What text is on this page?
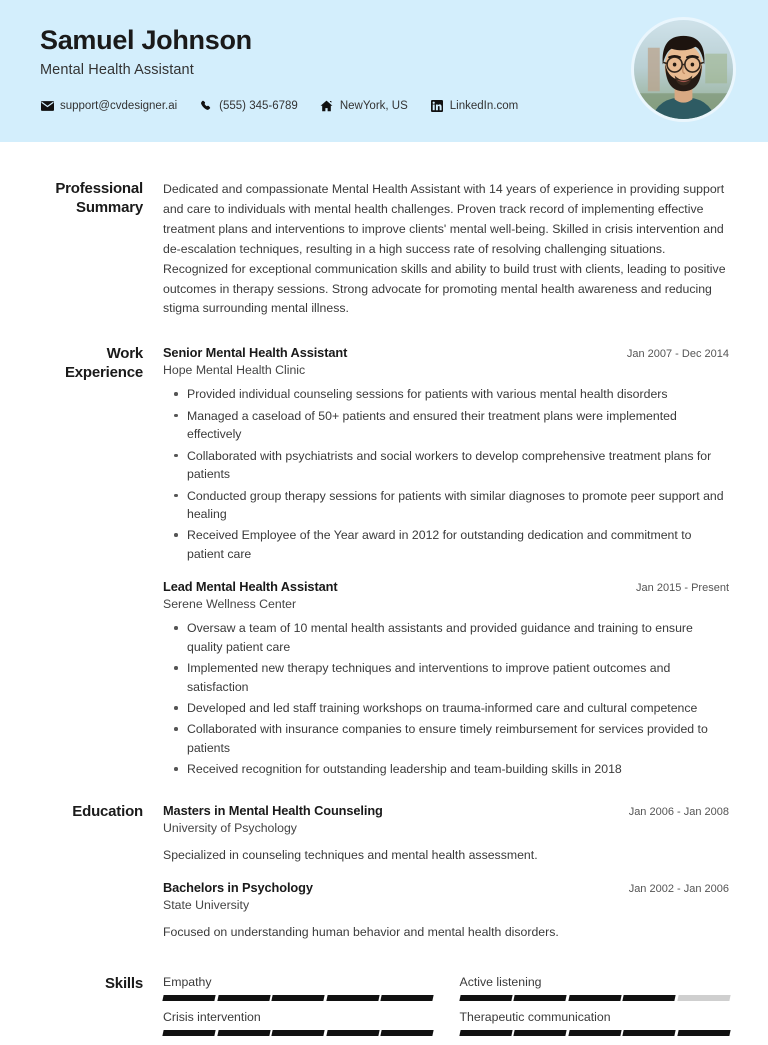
Samuel Johnson
Mental Health Assistant
support@cvdesigner.ai	(555) 345-6789	NewYork, US	LinkedIn.com
Professional Summary
Dedicated and compassionate Mental Health Assistant with 14 years of experience in providing support and care to individuals with mental health challenges. Proven track record of implementing effective treatment plans and interventions to improve clients' mental well-being. Skilled in crisis intervention and de-escalation techniques, resulting in a high success rate of resolving challenging situations. Recognized for exceptional communication skills and ability to build trust with clients, leading to positive outcomes in therapy sessions. Strong advocate for promoting mental health awareness and reducing stigma surrounding mental illness.
Work Experience
Senior Mental Health Assistant	Jan 2007 - Dec 2014
Hope Mental Health Clinic
Provided individual counseling sessions for patients with various mental health disorders
Managed a caseload of 50+ patients and ensured their treatment plans were implemented effectively
Collaborated with psychiatrists and social workers to develop comprehensive treatment plans for patients
Conducted group therapy sessions for patients with similar diagnoses to promote peer support and healing
Received Employee of the Year award in 2012 for outstanding dedication and commitment to patient care
Lead Mental Health Assistant	Jan 2015 - Present
Serene Wellness Center
Oversaw a team of 10 mental health assistants and provided guidance and training to ensure quality patient care
Implemented new therapy techniques and interventions to improve patient outcomes and satisfaction
Developed and led staff training workshops on trauma-informed care and cultural competence
Collaborated with insurance companies to ensure timely reimbursement for services provided to patients
Received recognition for outstanding leadership and team-building skills in 2018
Education	Masters in Mental Health Counseling	Jan 2006 - Jan 2008
University of Psychology
Specialized in counseling techniques and mental health assessment.
Bachelors in Psychology	Jan 2002 - Jan 2006
State University
Focused on understanding human behavior and mental health disorders.
Skills	Empathy	Active listening
Crisis intervention	Therapeutic communication
